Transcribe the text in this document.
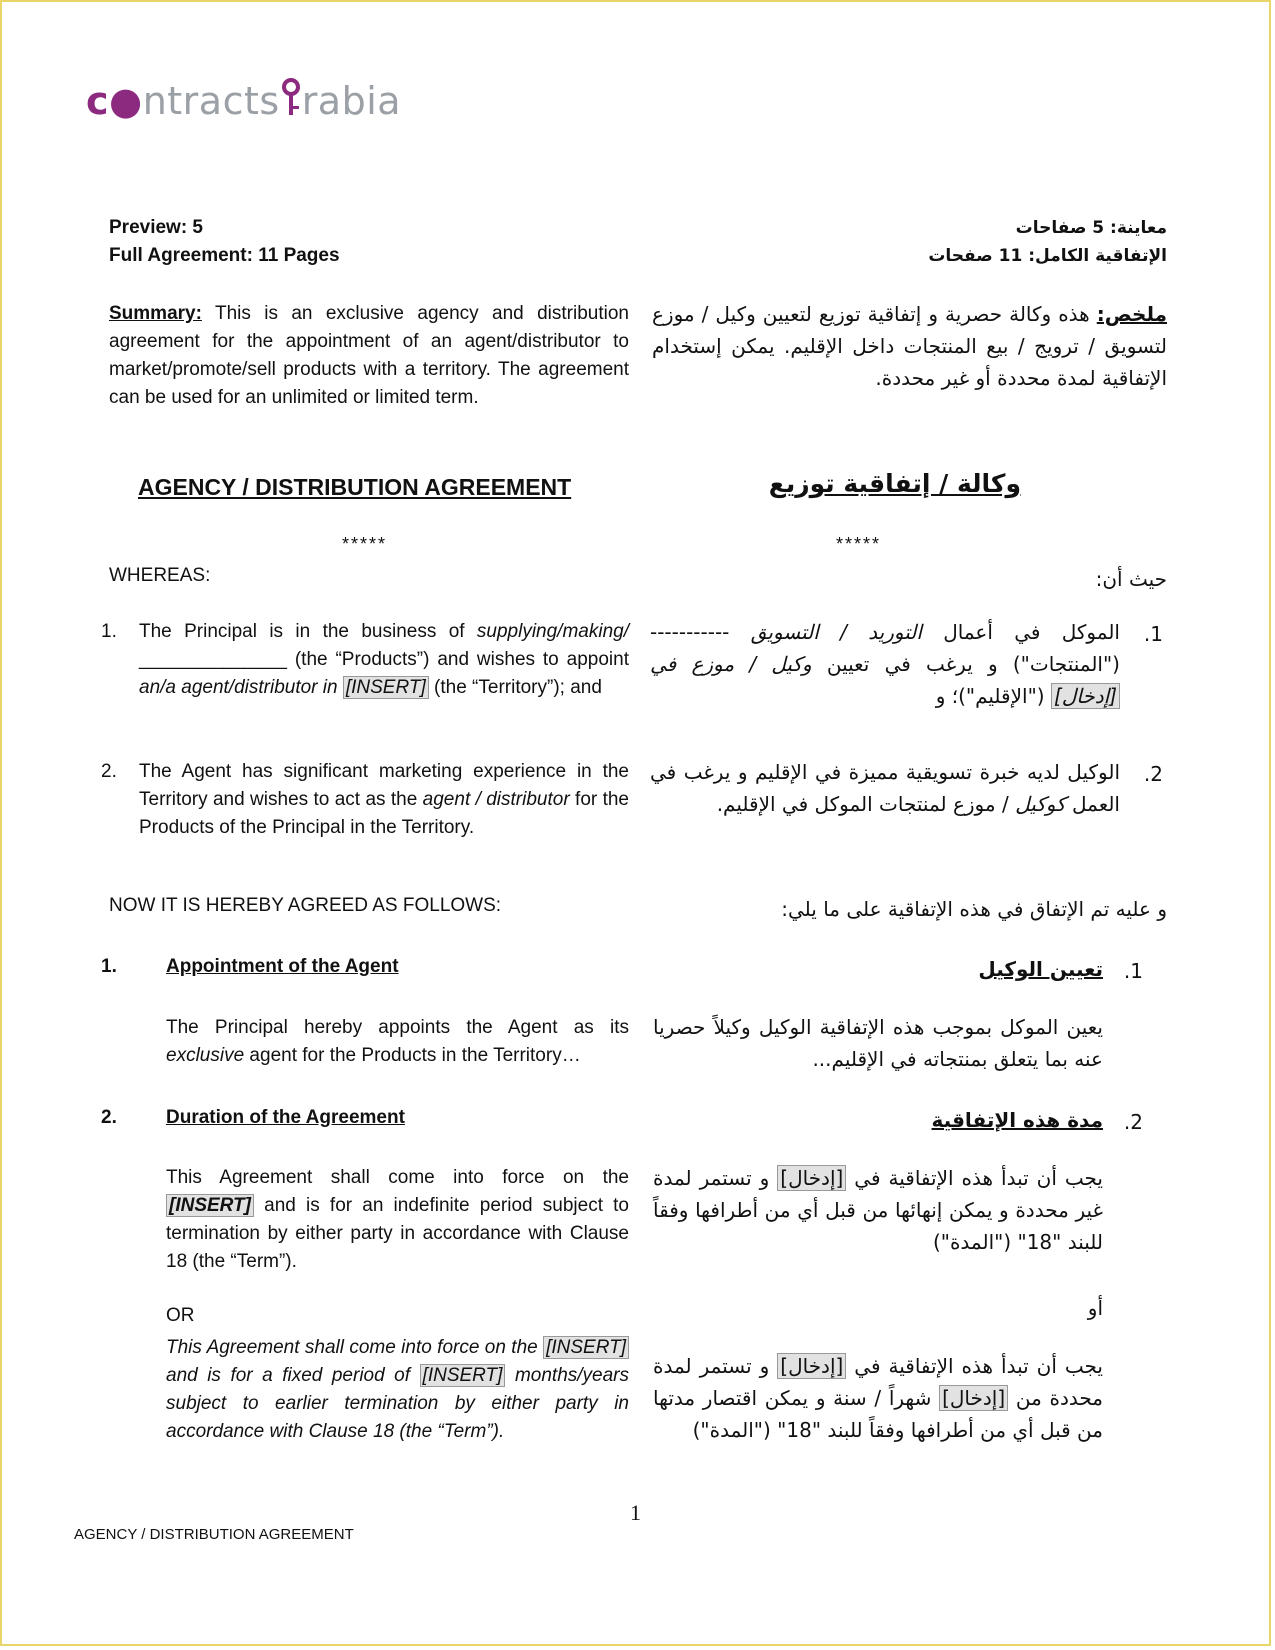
c●ntracts rabia
Preview: 5
Full Agreement: 11 Pages
معاينة: 5 صفاحات
الإتفاقية الكامل: 11 صفحات
Summary: This is an exclusive agency and distribution agreement for the appointment of an agent/distributor to market/promote/sell products with a territory. The agreement can be used for an unlimited or limited term.
ملخص: هذه وكالة حصرية و إتفاقية توزيع لتعيين وكيل / موزع لتسويق / ترويج / بيع المنتجات داخل الإقليم. يمكن إستخدام الإتفاقية لمدة محددة أو غير محددة.
AGENCY / DISTRIBUTION AGREEMENT	وكالة / إتفاقية توزيع
*****	*****
WHEREAS:	حيث أن:
1. The Principal is in the business of supplying/making/ ______________ (the “Products”) and wishes to appoint an/a agent/distributor in [INSERT] (the “Territory”); and
1.
الموكل في أعمال التوريد / التسويق ----------- ("المنتجات") و يرغب في تعيين وكيل / موزع في [إدخال] ("الإقليم")؛ و
2. The Agent has significant marketing experience in the Territory and wishes to act as the agent / distributor for the Products of the Principal in the Territory.
2.
الوكيل لديه خبرة تسويقية مميزة في الإقليم و يرغب في العمل كوكيل / موزع لمنتجات الموكل في الإقليم.
NOW IT IS HEREBY AGREED AS FOLLOWS:	و عليه تم الإتفاق في هذه الإتفاقية على ما يلي:
1.	Appointment of the Agent	1.
تعيين الوكيل
The Principal hereby appoints the Agent as its exclusive agent for the Products in the Territory…
يعين الموكل بموجب هذه الإتفاقية الوكيل وكيلاً حصريا عنه بما يتعلق بمنتجاته في الإقليم...
2.	Duration of the Agreement	2.
مدة هذه الإتفاقية
This Agreement shall come into force on the [INSERT] and is for an indefinite period subject to termination by either party in accordance with Clause 18 (the “Term”).
يجب أن تبدأ هذه الإتفاقية في [إدخال] و تستمر لمدة غير محددة و يمكن إنهائها من قبل أي من أطرافها وفقاً للبند "18" ("المدة")
OR	أو
This Agreement shall come into force on the [INSERT] and is for a fixed period of [INSERT] months/years subject to earlier termination by either party in accordance with Clause 18 (the “Term”).
يجب أن تبدأ هذه الإتفاقية في [إدخال] و تستمر لمدة محددة من [إدخال] شهراً / سنة و يمكن اقتصار مدتها من قبل أي من أطرافها وفقاً للبند "18" ("المدة")
1
AGENCY / DISTRIBUTION AGREEMENT
